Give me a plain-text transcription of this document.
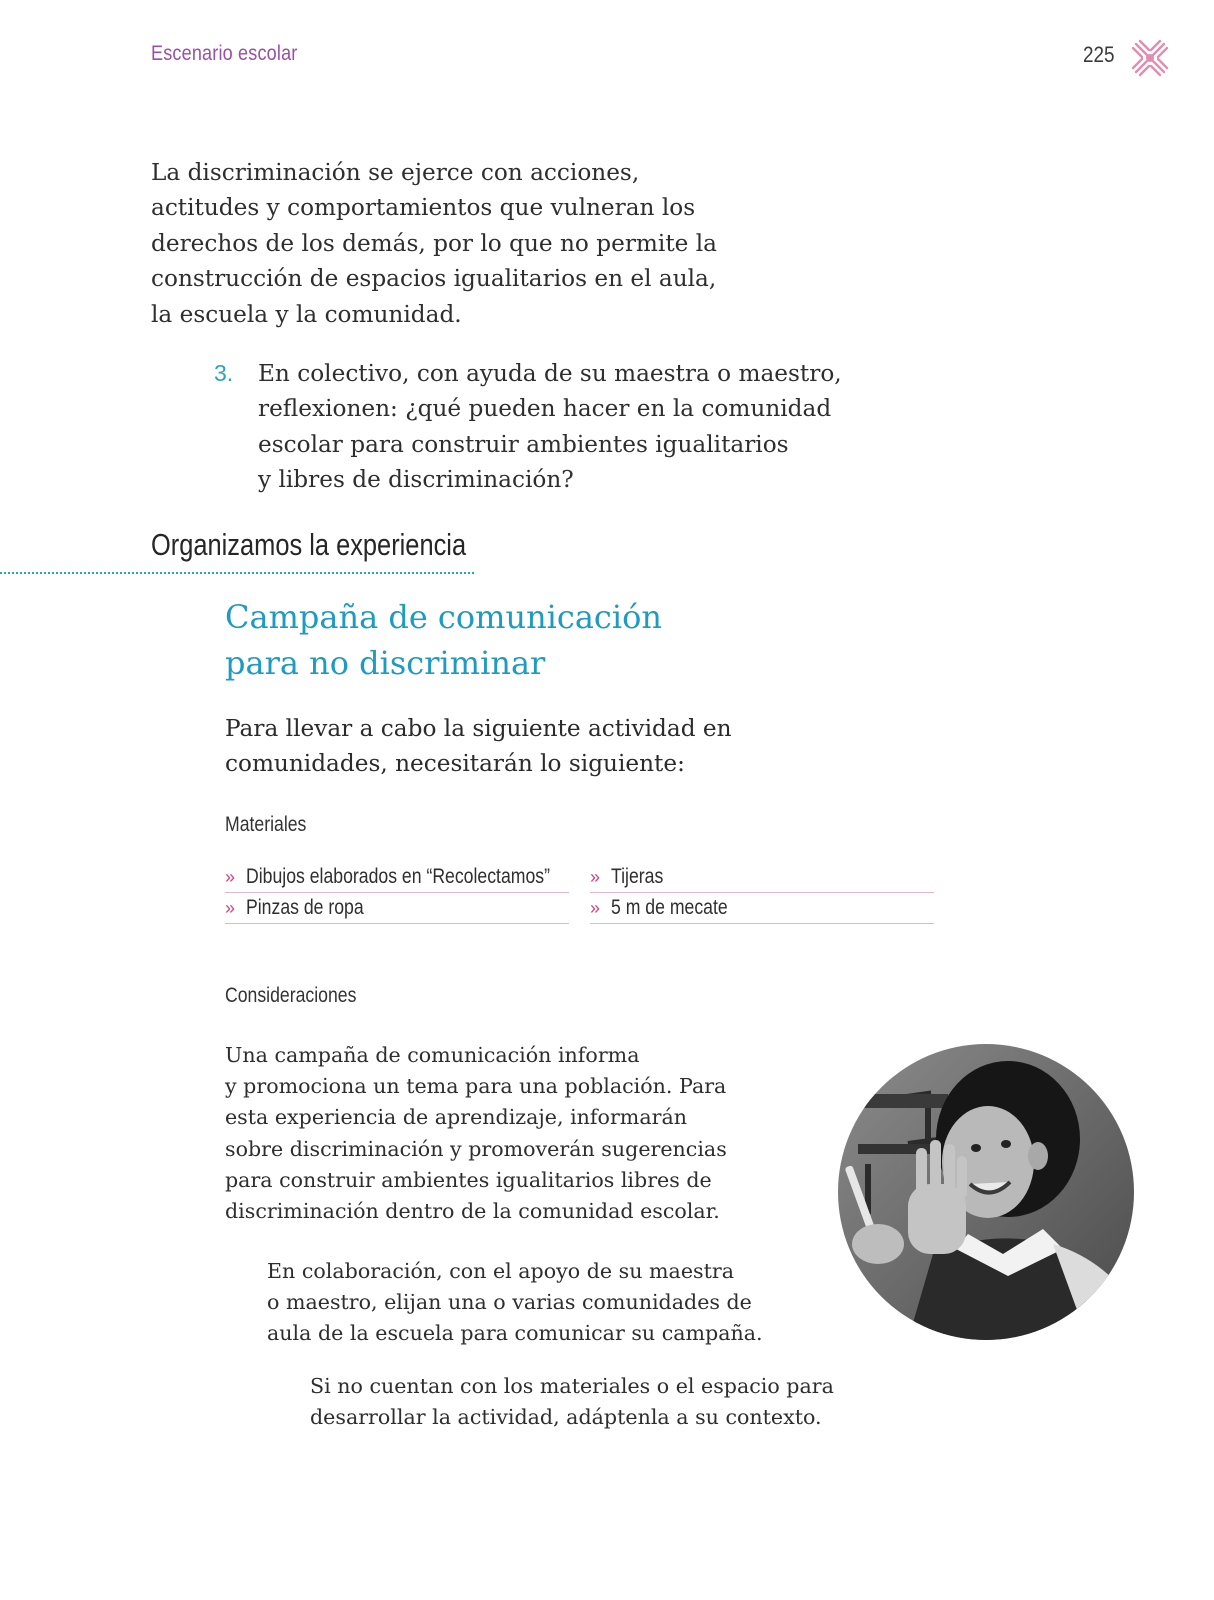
Escenario escolar	225
La discriminación se ejerce con acciones,
actitudes y comportamientos que vulneran los
derechos de los demás, por lo que no permite la
construcción de espacios igualitarios en el aula,
la escuela y la comunidad.
3. En colectivo, con ayuda de su maestra o maestro,
reflexionen: ¿qué pueden hacer en la comunidad
escolar para construir ambientes igualitarios
y libres de discriminación?
Organizamos la experiencia
Campaña de comunicación
para no discriminar
Para llevar a cabo la siguiente actividad en
comunidades, necesitarán lo siguiente:
Materiales
» Dibujos elaborados en “Recolectamos”	» Tijeras
» Pinzas de ropa	» 5 m de mecate
Consideraciones
Una campaña de comunicación informa
y promociona un tema para una población. Para
esta experiencia de aprendizaje, informarán
sobre discriminación y promoverán sugerencias
para construir ambientes igualitarios libres de
discriminación dentro de la comunidad escolar.
En colaboración, con el apoyo de su maestra
o maestro, elijan una o varias comunidades de
aula de la escuela para comunicar su campaña.
Si no cuentan con los materiales o el espacio para
desarrollar la actividad, adáptenla a su contexto.
